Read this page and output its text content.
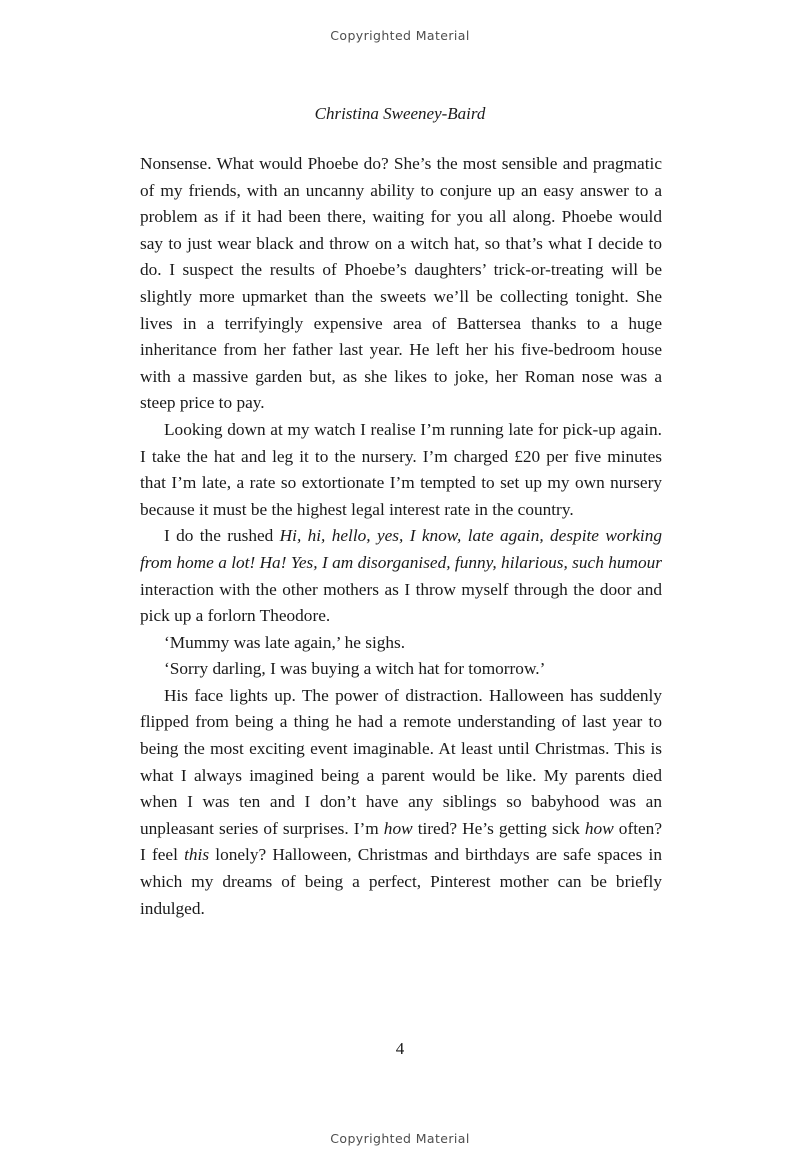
Copyrighted Material
Christina Sweeney-Baird

Nonsense. What would Phoebe do? She’s the most sensible and pragmatic of my friends, with an uncanny ability to conjure up an easy answer to a problem as if it had been there, waiting for you all along. Phoebe would say to just wear black and throw on a witch hat, so that’s what I decide to do. I suspect the results of Phoebe’s daughters’ trick-or-treating will be slightly more upmarket than the sweets we’ll be collecting tonight. She lives in a terrifyingly expensive area of Battersea thanks to a huge inheritance from her father last year. He left her his five-bedroom house with a massive garden but, as she likes to joke, her Roman nose was a steep price to pay.

Looking down at my watch I realise I’m running late for pick-up again. I take the hat and leg it to the nursery. I’m charged £20 per five minutes that I’m late, a rate so extortionate I’m tempted to set up my own nursery because it must be the highest legal interest rate in the country.

I do the rushed Hi, hi, hello, yes, I know, late again, despite working from home a lot! Ha! Yes, I am disorganised, funny, hilarious, such humour interaction with the other mothers as I throw myself through the door and pick up a forlorn Theodore.

‘Mummy was late again,’ he sighs.

‘Sorry darling, I was buying a witch hat for tomorrow.’

His face lights up. The power of distraction. Halloween has suddenly flipped from being a thing he had a remote understanding of last year to being the most exciting event imaginable. At least until Christmas. This is what I always imagined being a parent would be like. My parents died when I was ten and I don’t have any siblings so babyhood was an unpleasant series of surprises. I’m how tired? He’s getting sick how often? I feel this lonely? Halloween, Christmas and birthdays are safe spaces in which my dreams of being a perfect, Pinterest mother can be briefly indulged.

4
Copyrighted Material
